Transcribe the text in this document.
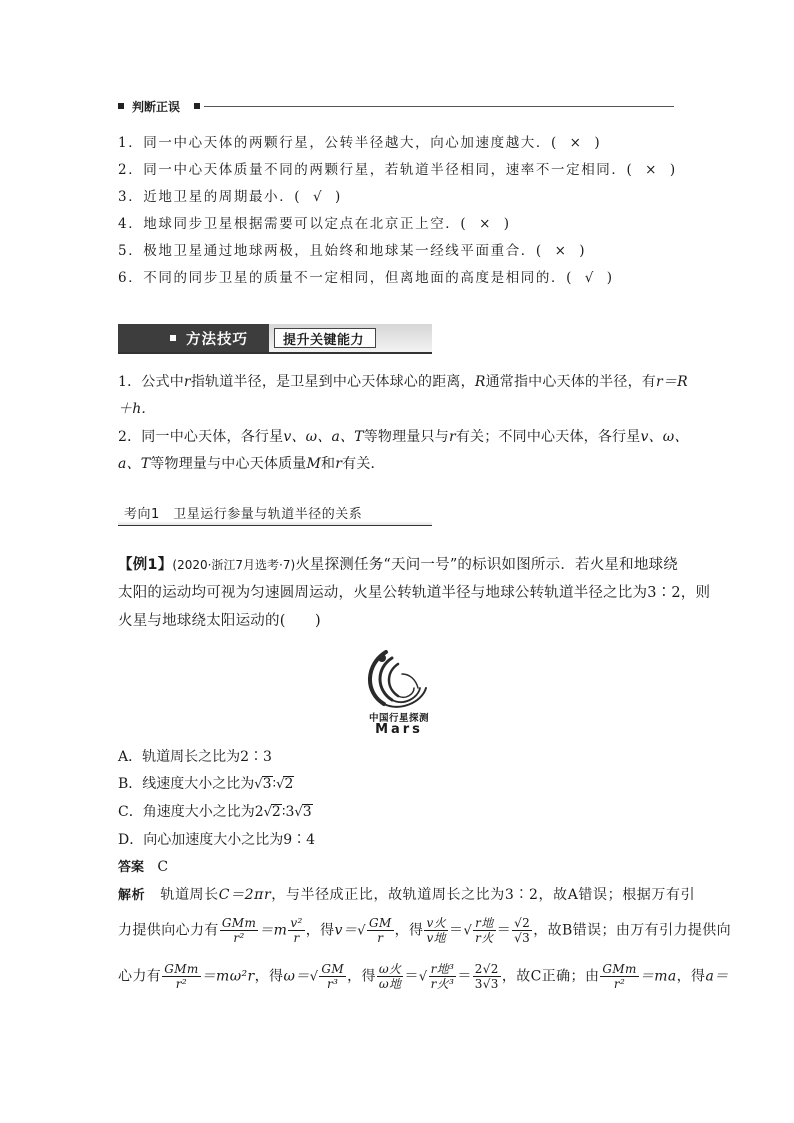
判断正误
1．同一中心天体的两颗行星，公转半径越大，向心加速度越大．( × )
2．同一中心天体质量不同的两颗行星，若轨道半径相同，速率不一定相同．( × )
3．近地卫星的周期最小．( √ )
4．地球同步卫星根据需要可以定点在北京正上空．( × )
5．极地卫星通过地球两极，且始终和地球某一经线平面重合．( × )
6．不同的同步卫星的质量不一定相同，但离地面的高度是相同的．( √ )
方法技巧	提升关键能力
1．公式中r指轨道半径，是卫星到中心天体球心的距离，R通常指中心天体的半径，有r＝R
＋h.
2．同一中心天体，各行星v、ω、a、T等物理量只与r有关；不同中心天体，各行星v、ω、
a、T等物理量与中心天体质量M和r有关．
考向1　卫星运行参量与轨道半径的关系
【例1】(2020·浙江7月选考·7)火星探测任务“天问一号”的标识如图所示．若火星和地球绕
太阳的运动均可视为匀速圆周运动，火星公转轨道半径与地球公转轨道半径之比为3∶2，则
火星与地球绕太阳运动的(　　)
中国行星探测
Mars
A．轨道周长之比为2∶3
B．线速度大小之比为√3∶√2
C．角速度大小之比为2√2∶3√3
D．向心加速度大小之比为9∶4
答案 C
解析 轨道周长C＝2πr，与半径成正比，故轨道周长之比为3∶2，故A错误；根据万有引
力提供向心力有 $\frac{\text{GMm}}{\text{r²}} =m \frac{\text{v²}}{r}$ ，得$v=√ \frac{GM}{r}$ ，得 $\frac{\text{v火}}{\text{v地}}$ ＝√ $\frac{\text{r地}}{\text{r火}} = \frac{√2}{√3}$ ，故B错误；由万有引力提供向
心力有 $\frac{\text{GMm}}{\text{r²}} =m\omega^2r$，得$\omega=√ \frac{GM}{\text{r³}}$ ，得 $\frac{\text{ω火}}{\text{ω地}}$ ＝√ $\frac{\text{r地³}}{\text{r火³}} = \frac{2√2}{3√3}$ ，故C正确；由 $\frac{\text{GMm}}{\text{r²}} =ma$，得a＝
